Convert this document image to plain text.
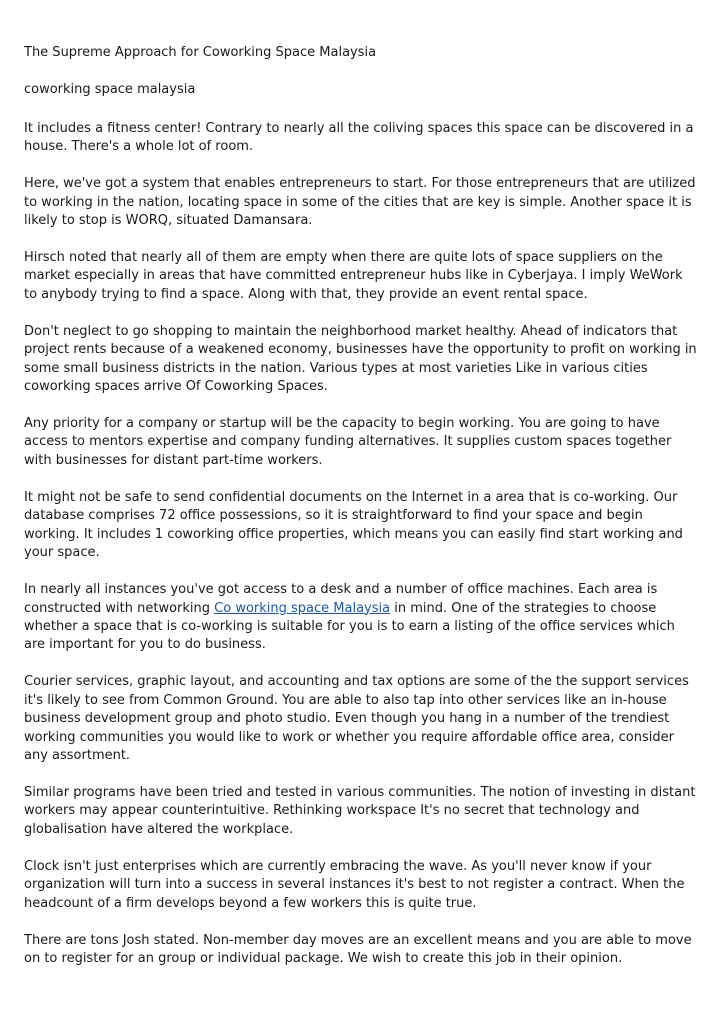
The Supreme Approach for Coworking Space Malaysia

coworking space malaysia

It includes a fitness center! Contrary to nearly all the coliving spaces this space can be discovered in a house. There's a whole lot of room.

Here, we've got a system that enables entrepreneurs to start. For those entrepreneurs that are utilized to working in the nation, locating space in some of the cities that are key is simple. Another space it is likely to stop is WORQ, situated Damansara.

Hirsch noted that nearly all of them are empty when there are quite lots of space suppliers on the market especially in areas that have committed entrepreneur hubs like in Cyberjaya. I imply WeWork to anybody trying to find a space. Along with that, they provide an event rental space.

Don't neglect to go shopping to maintain the neighborhood market healthy. Ahead of indicators that project rents because of a weakened economy, businesses have the opportunity to profit on working in some small business districts in the nation. Various types at most varieties Like in various cities coworking spaces arrive Of Coworking Spaces.

Any priority for a company or startup will be the capacity to begin working. You are going to have access to mentors expertise and company funding alternatives. It supplies custom spaces together with businesses for distant part-time workers.

It might not be safe to send confidential documents on the Internet in a area that is co-working. Our database comprises 72 office possessions, so it is straightforward to find your space and begin working. It includes 1 coworking office properties, which means you can easily find start working and your space.

In nearly all instances you've got access to a desk and a number of office machines. Each area is constructed with networking Co working space Malaysia in mind. One of the strategies to choose whether a space that is co-working is suitable for you is to earn a listing of the office services which are important for you to do business.

Courier services, graphic layout, and accounting and tax options are some of the the support services it's likely to see from Common Ground. You are able to also tap into other services like an in-house business development group and photo studio. Even though you hang in a number of the trendiest working communities you would like to work or whether you require affordable office area, consider any assortment.

Similar programs have been tried and tested in various communities. The notion of investing in distant workers may appear counterintuitive. Rethinking workspace It's no secret that technology and globalisation have altered the workplace.

Clock isn't just enterprises which are currently embracing the wave. As you'll never know if your organization will turn into a success in several instances it's best to not register a contract. When the headcount of a firm develops beyond a few workers this is quite true.

There are tons Josh stated. Non-member day moves are an excellent means and you are able to move on to register for an group or individual package. We wish to create this job in their opinion.
